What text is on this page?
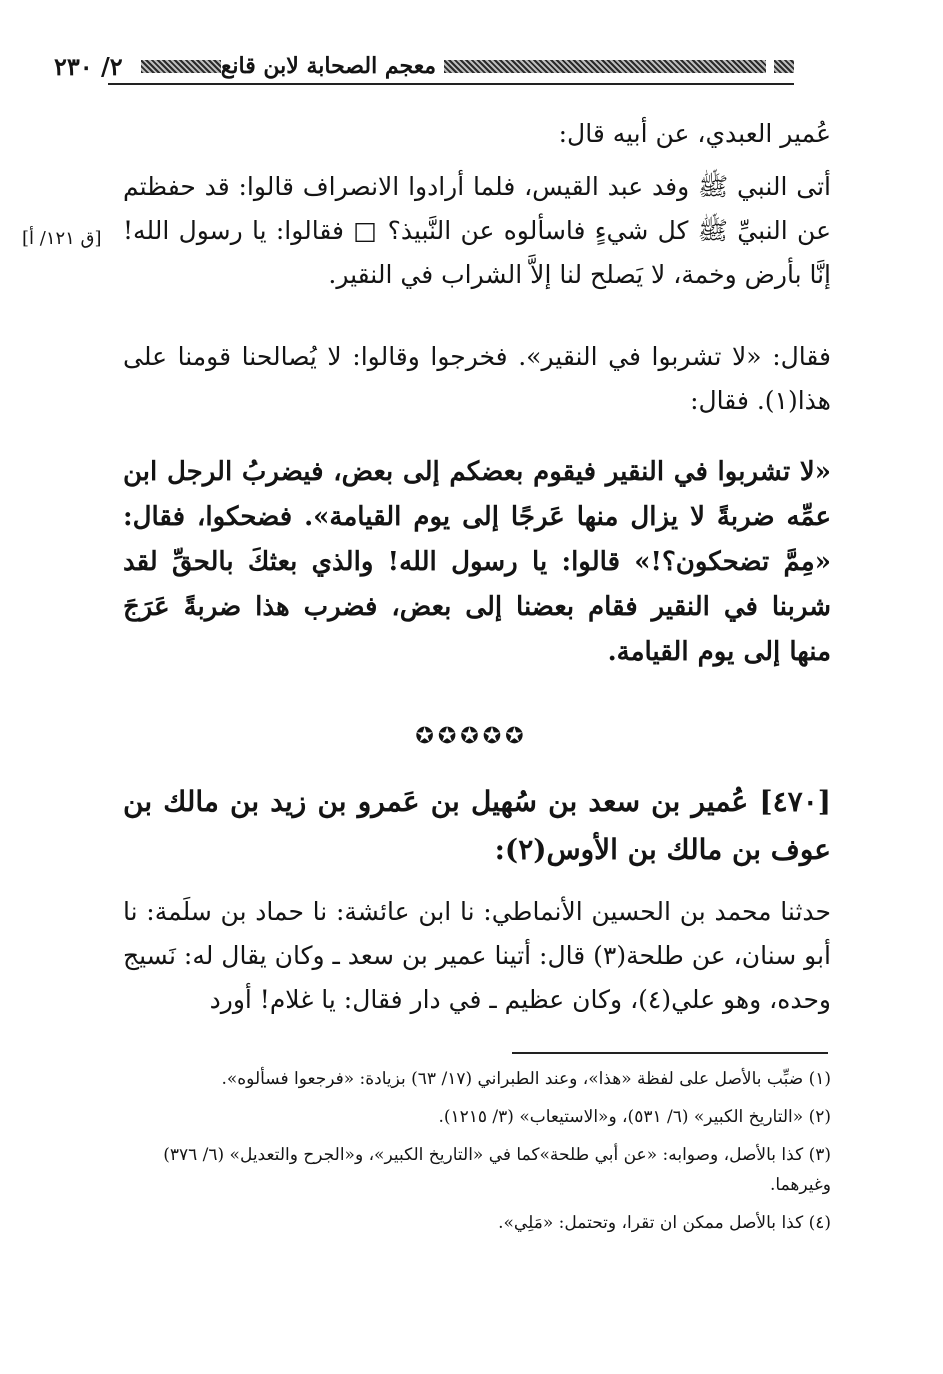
٢/ ٢٣٠	معجم الصحابة لابن قانع
عُمير العبدي، عن أبيه قال:
أتى النبي ﷺ وفد عبد القيس، فلما أرادوا الانصراف قالوا: قد حفظتم عن النبيِّ ﷺ كل شيءٍ فاسألوه عن النَّبيذ؟ □ فقالوا: يا رسول الله! إنَّا بأرض وخمة، لا يَصلح لنا إلاَّ الشراب في النقير.
[ق ١٢١/ أ]
فقال: «لا تشربوا في النقير». فخرجوا وقالوا: لا يُصالحنا قومنا على هذا(١). فقال:
«لا تشربوا في النقير فيقوم بعضكم إلى بعض، فيضربُ الرجل ابن عمِّه ضربةً لا يزال منها عَرجًا إلى يوم القيامة». فضحكوا، فقال: «مِمَّ تضحكون؟!» قالوا: يا رسول الله! والذي بعثكَ بالحقِّ لقد شربنا في النقير فقام بعضنا إلى بعض، فضرب هذا ضربةً عَرَجَ منها إلى يوم القيامة.
✪✪✪✪✪
[٤٧٠] عُمير بن سعد بن سُهيل بن عَمرو بن زيد بن مالك بن عوف بن مالك بن الأوس(٢):
حدثنا محمد بن الحسين الأنماطي: نا ابن عائشة: نا حماد بن سلَمة: نا أبو سنان، عن طلحة(٣) قال: أتينا عمير بن سعد ـ وكان يقال له: نَسيج وحده، وهو علي(٤)، وكان عظيم ـ في دار فقال: يا غلام! أورد
(١) ضبِّب بالأصل على لفظة «هذا»، وعند الطبراني (١٧/ ٦٣) بزيادة: «فرجعوا فسألوه».
(٢) «التاريخ الكبير» (٦/ ٥٣١)، و«الاستيعاب» (٣/ ١٢١٥).
(٣) كذا بالأصل، وصوابه: «عن أبي طلحة»كما في «التاريخ الكبير»، و«الجرح والتعديل» (٦/ ٣٧٦) وغيرهما.
(٤) كذا بالأصل ممكن ان تقرا، وتحتمل: «مَلِي».
